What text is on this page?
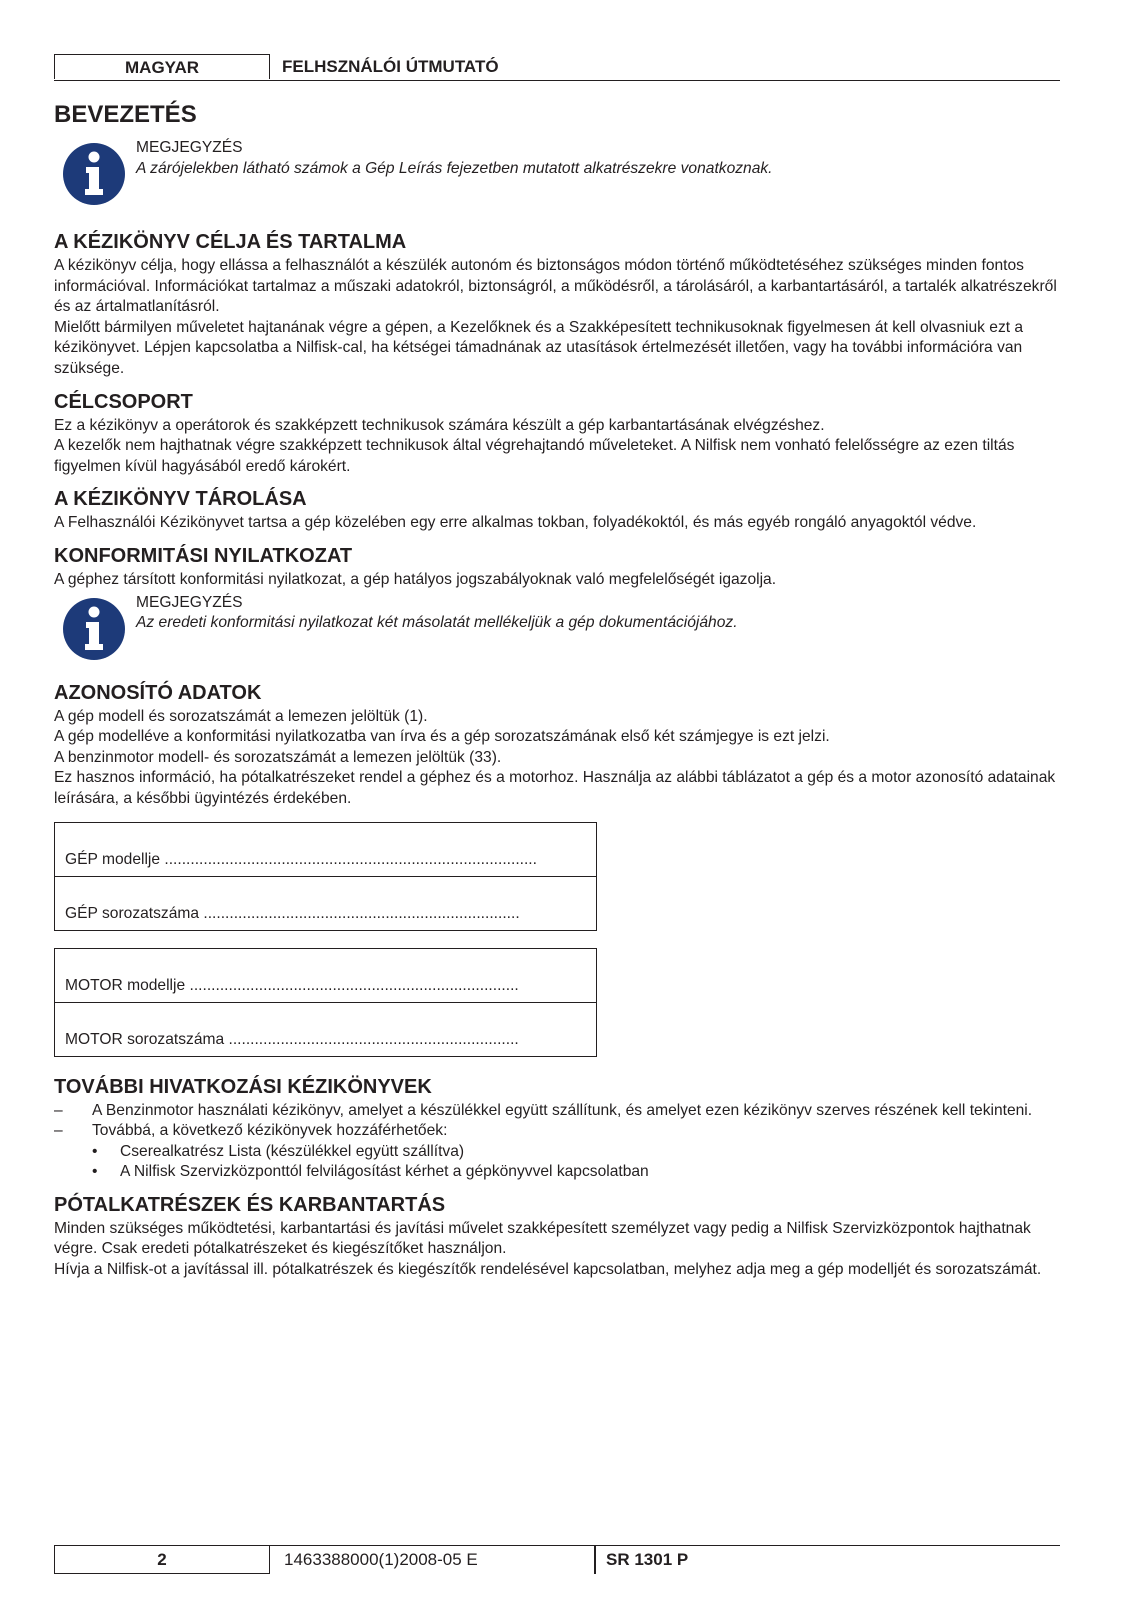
MAGYAR	FELHSZNÁLÓI ÚTMUTATÓ
BEVEZETÉS
MEGJEGYZÉS
A zárójelekben látható számok a Gép Leírás fejezetben mutatott alkatrészekre vonatkoznak.
A KÉZIKÖNYV CÉLJA ÉS TARTALMA

A kézikönyv célja, hogy ellássa a felhasználót a készülék autonóm és biztonságos módon történő működtetéséhez szükséges minden fontos információval. Információkat tartalmaz a műszaki adatokról, biztonságról, a működésről, a tárolásáról, a karbantartásáról, a tartalék alkatrészekről és az ártalmatlanításról.

Mielőtt bármilyen műveletet hajtanának végre a gépen, a Kezelőknek és a Szakképesített technikusoknak figyelmesen át kell olvasniuk ezt a kézikönyvet. Lépjen kapcsolatba a Nilfisk-cal, ha kétségei támadnának az utasítások értelmezését illetően, vagy ha további információra van szüksége.

CÉLCSOPORT

Ez a kézikönyv a operátorok és szakképzett technikusok számára készült a gép karbantartásának elvégzéshez.

A kezelők nem hajthatnak végre szakképzett technikusok által végrehajtandó műveleteket. A Nilfisk nem vonható felelősségre az ezen tiltás figyelmen kívül hagyásából eredő károkért.

A KÉZIKÖNYV TÁROLÁSA

A Felhasználói Kézikönyvet tartsa a gép közelében egy erre alkalmas tokban, folyadékoktól, és más egyéb rongáló anyagoktól védve.

KONFORMITÁSI NYILATKOZAT

A géphez társított konformitási nyilatkozat, a gép hatályos jogszabályoknak való megfelelőségét igazolja.

MEGJEGYZÉS
Az eredeti konformitási nyilatkozat két másolatát mellékeljük a gép dokumentációjához.
AZONOSÍTÓ ADATOK

A gép modell és sorozatszámát a lemezen jelöltük (1).

A gép modelléve a konformitási nyilatkozatba van írva és a gép sorozatszámának első két számjegye is ezt jelzi.

A benzinmotor modell- és sorozatszámát a lemezen jelöltük (33).

Ez hasznos információ, ha pótalkatrészeket rendel a géphez és a motorhoz. Használja az alábbi táblázatot a gép és a motor azonosító adatainak leírására, a későbbi ügyintézés érdekében.

GÉP modellje ......................................................................................
GÉP sorozatszáma .........................................................................
MOTOR modellje ............................................................................
MOTOR sorozatszáma ...................................................................
TOVÁBBI HIVATKOZÁSI KÉZIKÖNYVEK
– A Benzinmotor használati kézikönyv, amelyet a készülékkel együtt szállítunk, és amelyet ezen kézikönyv szerves részének kell tekinteni.
– Továbbá, a következő kézikönyvek hozzáférhetőek:
• Cserealkatrész Lista (készülékkel együtt szállítva)
• A Nilfisk Szervizközponttól felvilágosítást kérhet a gépkönyvvel kapcsolatban
PÓTALKATRÉSZEK ÉS KARBANTARTÁS

Minden szükséges működtetési, karbantartási és javítási művelet szakképesített személyzet vagy pedig a Nilfisk Szervizközpontok hajthatnak végre. Csak eredeti pótalkatrészeket és kiegészítőket használjon.

Hívja a Nilfisk-ot a javítással ill. pótalkatrészek és kiegészítők rendelésével kapcsolatban, melyhez adja meg a gép modelljét és sorozatszámát.

2	1463388000(1)2008-05 E	SR 1301 P
